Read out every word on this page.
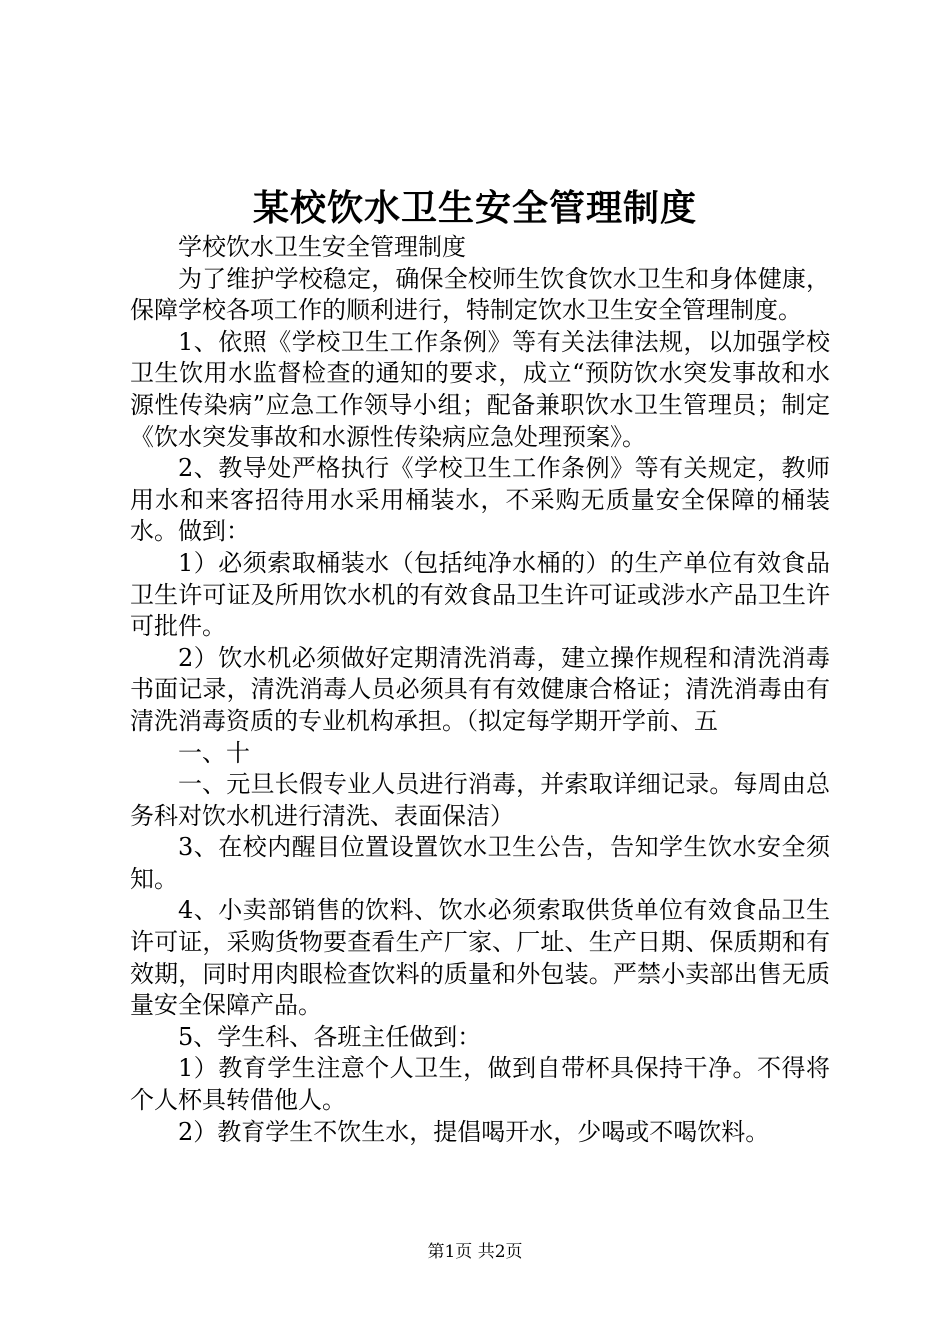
某校饮水卫生安全管理制度

学校饮水卫生安全管理制度

为了维护学校稳定，确保全校师生饮食饮水卫生和身体健康，保障学校各项工作的顺利进行，特制定饮水卫生安全管理制度。

1、依照《学校卫生工作条例》等有关法律法规，以加强学校卫生饮用水监督检查的通知的要求，成立“预防饮水突发事故和水源性传染病”应急工作领导小组；配备兼职饮水卫生管理员；制定《饮水突发事故和水源性传染病应急处理预案》。

2、教导处严格执行《学校卫生工作条例》等有关规定，教师用水和来客招待用水采用桶装水，不采购无质量安全保障的桶装水。做到：

1）必须索取桶装水（包括纯净水桶的）的生产单位有效食品卫生许可证及所用饮水机的有效食品卫生许可证或涉水产品卫生许可批件。

2）饮水机必须做好定期清洗消毒，建立操作规程和清洗消毒书面记录，清洗消毒人员必须具有有效健康合格证；清洗消毒由有清洗消毒资质的专业机构承担。（拟定每学期开学前、五

一、十

一、元旦长假专业人员进行消毒，并索取详细记录。每周由总务科对饮水机进行清洗、表面保洁）

3、在校内醒目位置设置饮水卫生公告，告知学生饮水安全须知。

4、小卖部销售的饮料、饮水必须索取供货单位有效食品卫生许可证，采购货物要查看生产厂家、厂址、生产日期、保质期和有效期，同时用肉眼检查饮料的质量和外包装。严禁小卖部出售无质量安全保障产品。

5、学生科、各班主任做到：

1）教育学生注意个人卫生，做到自带杯具保持干净。不得将个人杯具转借他人。

2）教育学生不饮生水，提倡喝开水，少喝或不喝饮料。

第1页 共2页
